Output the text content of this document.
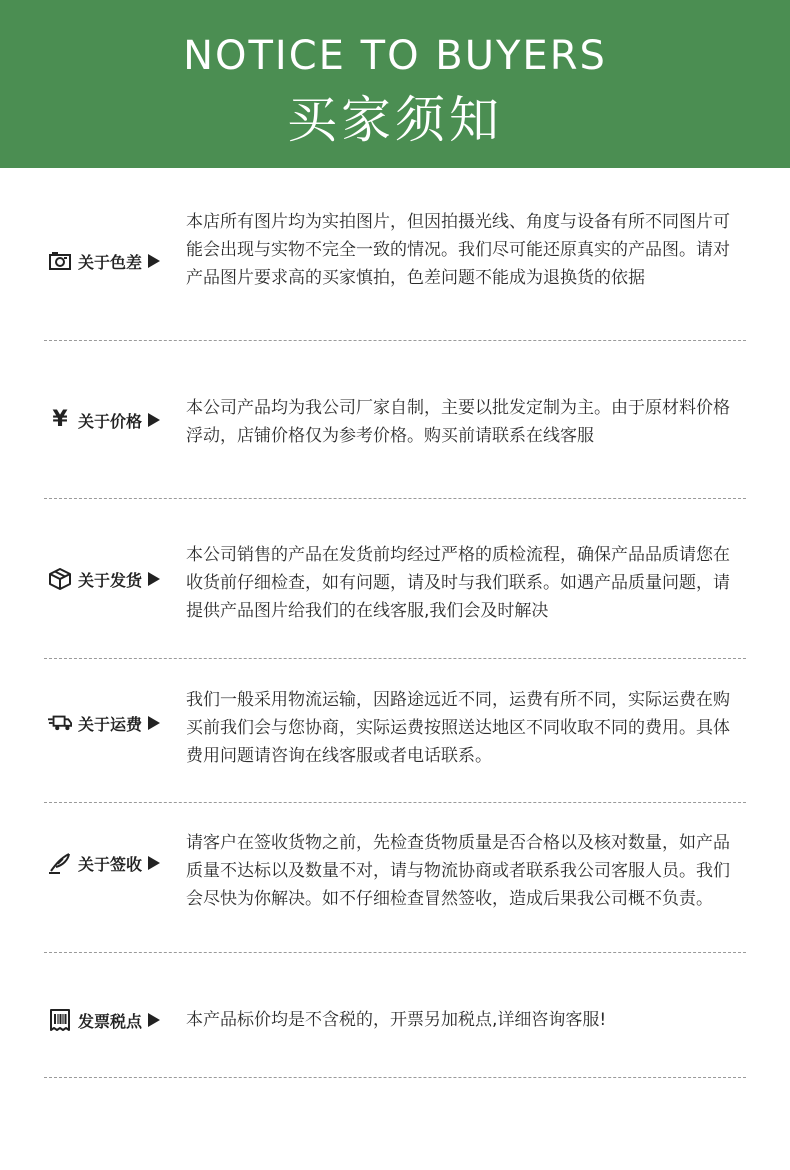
NOTICE TO BUYERS
买家须知
关于色差
本店所有图片均为实拍图片，但因拍摄光线、角度与设备有所不同图片可能会出现与实物不完全一致的情况。我们尽可能还原真实的产品图。请对产品图片要求高的买家慎拍，色差问题不能成为退换货的依据
¥ 关于价格
本公司产品均为我公司厂家自制，主要以批发定制为主。由于原材料价格浮动，店铺价格仅为参考价格。购买前请联系在线客服
关于发货
本公司销售的产品在发货前均经过严格的质检流程，确保产品品质请您在收货前仔细检查，如有问题，请及时与我们联系。如遇产品质量问题，请提供产品图片给我们的在线客服,我们会及时解决
关于运费
我们一般采用物流运输，因路途远近不同，运费有所不同，实际运费在购买前我们会与您协商，实际运费按照送达地区不同收取不同的费用。具体费用问题请咨询在线客服或者电话联系。
关于签收
请客户在签收货物之前，先检查货物质量是否合格以及核对数量，如产品质量不达标以及数量不对，请与物流协商或者联系我公司客服人员。我们会尽快为你解决。如不仔细检查冒然签收，造成后果我公司概不负责。
发票税点	本产品标价均是不含税的，开票另加税点,详细咨询客服!
